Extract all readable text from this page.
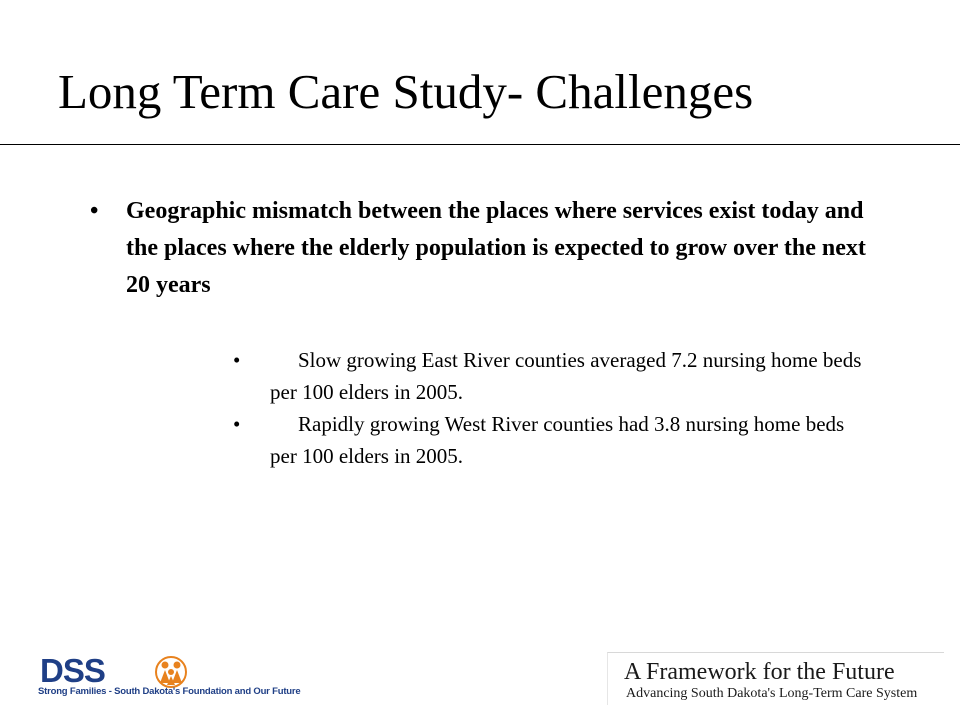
Long Term Care Study- Challenges
• Geographic mismatch between the places where services exist today and the places where the elderly population is expected to grow over the next 20 years
•	Slow growing East River counties averaged 7.2 nursing home beds per 100 elders in 2005.
•	Rapidly growing West River counties had 3.8 nursing home beds per 100 elders in 2005.
DSS
Strong Families - South Dakota's Foundation and Our Future
A Framework for the Future
Advancing South Dakota's Long-Term Care System
